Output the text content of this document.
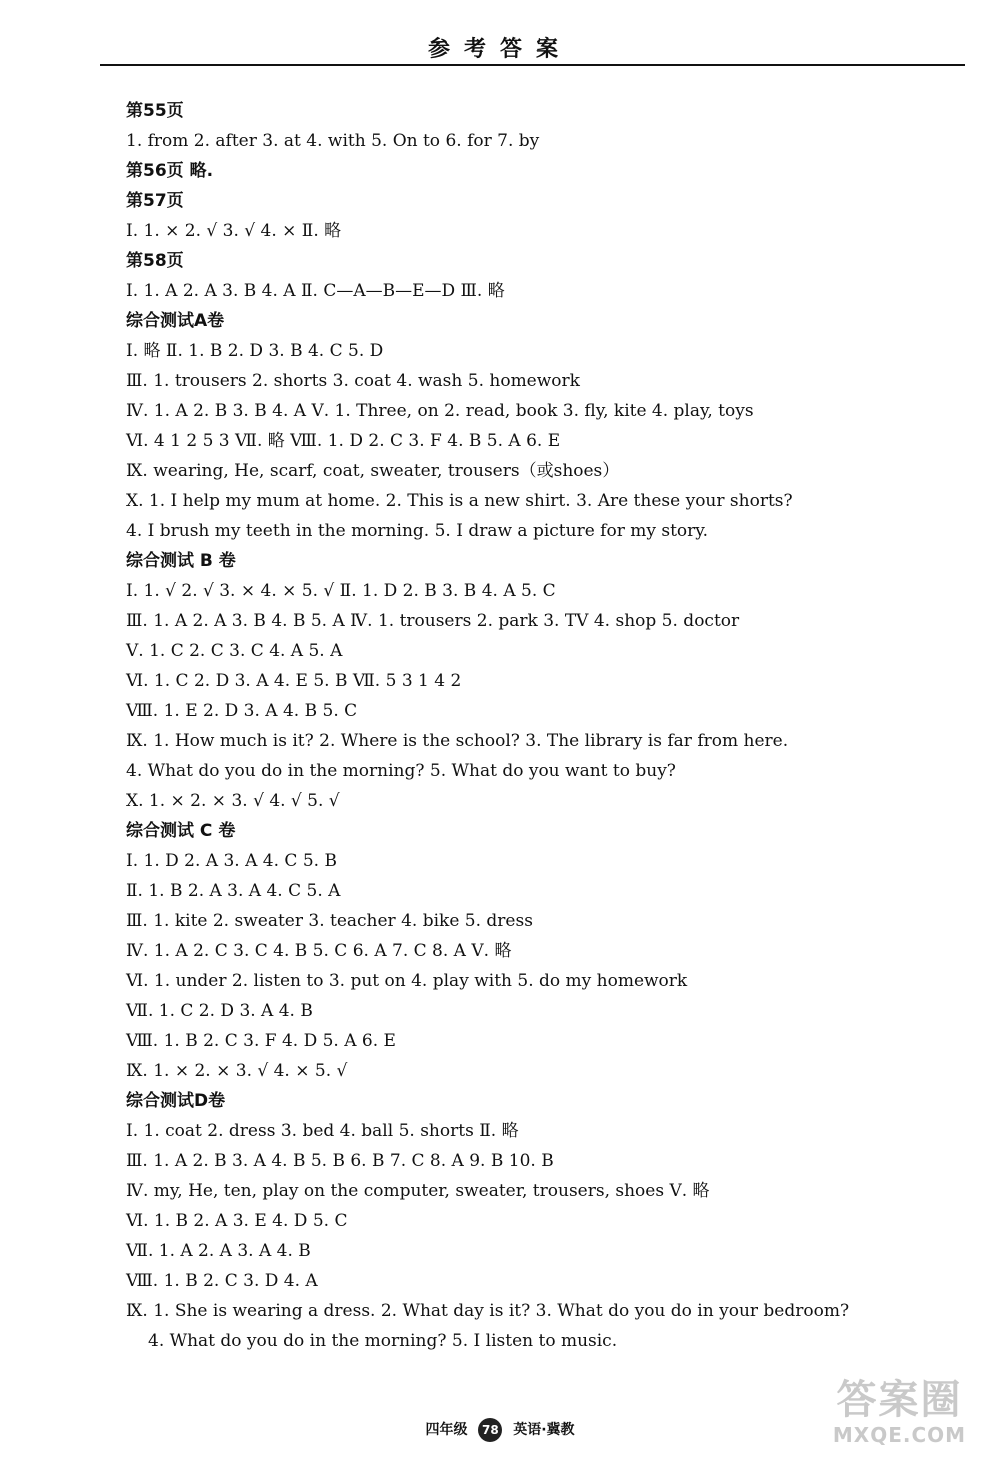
参考答案
第55页
1. from 2. after 3. at 4. with 5. On to 6. for 7. by
第56页 略.
第57页
Ⅰ. 1. × 2. √ 3. √ 4. × Ⅱ. 略
第58页
Ⅰ. 1. A 2. A 3. B 4. A Ⅱ. C—A—B—E—D Ⅲ. 略
综合测试A卷
Ⅰ. 略 Ⅱ. 1. B 2. D 3. B 4. C 5. D
Ⅲ. 1. trousers 2. shorts 3. coat 4. wash 5. homework
Ⅳ. 1. A 2. B 3. B 4. A Ⅴ. 1. Three, on 2. read, book 3. fly, kite 4. play, toys
Ⅵ. 4 1 2 5 3 Ⅶ. 略 Ⅷ. 1. D 2. C 3. F 4. B 5. A 6. E
Ⅸ. wearing, He, scarf, coat, sweater, trousers（或shoes）
Ⅹ. 1. I help my mum at home. 2. This is a new shirt. 3. Are these your shorts?
4. I brush my teeth in the morning. 5. I draw a picture for my story.
综合测试 B 卷
Ⅰ. 1. √ 2. √ 3. × 4. × 5. √ Ⅱ. 1. D 2. B 3. B 4. A 5. C
Ⅲ. 1. A 2. A 3. B 4. B 5. A Ⅳ. 1. trousers 2. park 3. TV 4. shop 5. doctor
Ⅴ. 1. C 2. C 3. C 4. A 5. A
Ⅵ. 1. C 2. D 3. A 4. E 5. B Ⅶ. 5 3 1 4 2
Ⅷ. 1. E 2. D 3. A 4. B 5. C
Ⅸ. 1. How much is it? 2. Where is the school? 3. The library is far from here.
4. What do you do in the morning? 5. What do you want to buy?
Ⅹ. 1. × 2. × 3. √ 4. √ 5. √
综合测试 C 卷
Ⅰ. 1. D 2. A 3. A 4. C 5. B
Ⅱ. 1. B 2. A 3. A 4. C 5. A
Ⅲ. 1. kite 2. sweater 3. teacher 4. bike 5. dress
Ⅳ. 1. A 2. C 3. C 4. B 5. C 6. A 7. C 8. A Ⅴ. 略
Ⅵ. 1. under 2. listen to 3. put on 4. play with 5. do my homework
Ⅶ. 1. C 2. D 3. A 4. B
Ⅷ. 1. B 2. C 3. F 4. D 5. A 6. E
Ⅸ. 1. × 2. × 3. √ 4. × 5. √
综合测试D卷
Ⅰ. 1. coat 2. dress 3. bed 4. ball 5. shorts Ⅱ. 略
Ⅲ. 1. A 2. B 3. A 4. B 5. B 6. B 7. C 8. A 9. B 10. B
Ⅳ. my, He, ten, play on the computer, sweater, trousers, shoes Ⅴ. 略
Ⅵ. 1. B 2. A 3. E 4. D 5. C
Ⅶ. 1. A 2. A 3. A 4. B
Ⅷ. 1. B 2. C 3. D 4. A
Ⅸ. 1. She is wearing a dress. 2. What day is it? 3. What do you do in your bedroom?
4. What do you do in the morning? 5. I listen to music.
四年级 78 英语·冀教
答案圈
MXQE.COM
